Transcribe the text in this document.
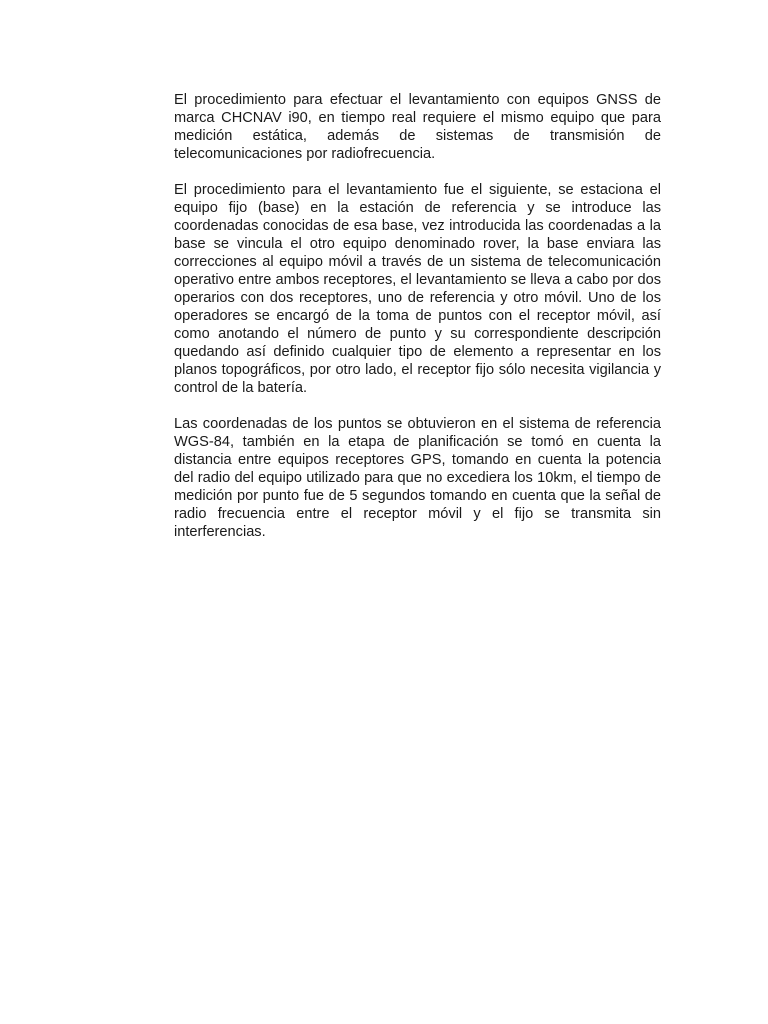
El procedimiento para efectuar el levantamiento con equipos GNSS de marca CHCNAV i90, en tiempo real requiere el mismo equipo que para medición estática, además de sistemas de transmisión de telecomunicaciones por radiofrecuencia.

El procedimiento para el levantamiento fue el siguiente, se estaciona el equipo fijo (base) en la estación de referencia y se introduce las coordenadas conocidas de esa base, vez introducida las coordenadas a la base se vincula el otro equipo denominado rover, la base enviara las correcciones al equipo móvil a través de un sistema de telecomunicación operativo entre ambos receptores, el levantamiento se lleva a cabo por dos operarios con dos receptores, uno de referencia y otro móvil. Uno de los operadores se encargó de la toma de puntos con el receptor móvil, así como anotando el número de punto y su correspondiente descripción quedando así definido cualquier tipo de elemento a representar en los planos topográficos, por otro lado, el receptor fijo sólo necesita vigilancia y control de la batería.

Las coordenadas de los puntos se obtuvieron en el sistema de referencia WGS-84, también en la etapa de planificación se tomó en cuenta la distancia entre equipos receptores GPS, tomando en cuenta la potencia del radio del equipo utilizado para que no excediera los 10km, el tiempo de medición por punto fue de 5 segundos tomando en cuenta que la señal de radio frecuencia entre el receptor móvil y el fijo se transmita sin interferencias.
